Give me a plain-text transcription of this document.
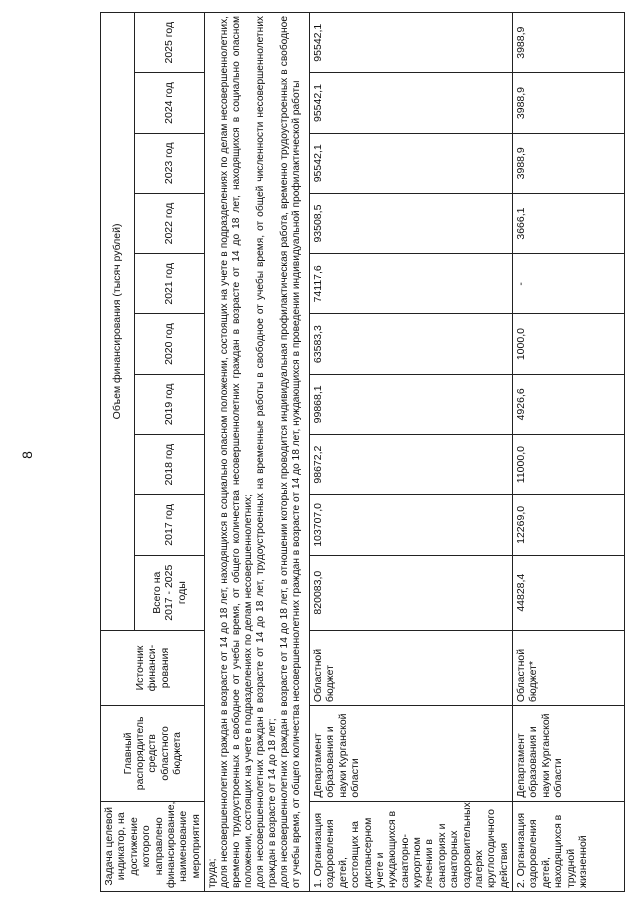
8
Задача целевой индикатор, на достижение которого направлено финансирование, наименование мероприятия	Главный распорядитель средств областного бюджета	Источник финанси-рования	Объем финансирования (тысяч рублей)									
			Всего на 2017 - 2025 годы	2017 год	2018 год	2019 год	2020 год	2021 год	2022 год	2023 год	2024 год	2025 год
труда;
доля несовершеннолетних граждан в возрасте от 14 до 18 лет, находящихся в социально опасном положении, состоящих на учете в подразделениях по делам несовершеннолетних, временно трудоустроенных в свободное от учебы время, от общего количества несовершеннолетних граждан в возрасте от 14 до 18 лет, находящихся в социально опасном положении, состоящих на учете в подразделениях по делам несовершеннолетних;
доля несовершеннолетних граждан в возрасте от 14 до 18 лет, трудоустроенных на временные работы в свободное от учебы время, от общей численности несовершеннолетних граждан в возрасте от 14 до 18 лет;
доля несовершеннолетних граждан в возрасте от 14 до 18 лет, в отношении которых проводится индивидуальная профилактическая работа, временно трудоустроенных в свободное от учебы время, от общего количества несовершеннолетних граждан в возрасте от 14 до 18 лет, нуждающихся в проведении индивидуальной профилактической работы												
1. Организация оздоровления детей, состоящих на диспансерном учете и нуждающихся в санаторно-курортном лечении в санаториях и санаторных оздоровительных лагерях круглогодичного действия	Департамент образования и науки Курганской области	Областной бюджет	820083,0	103707,0	98672,2	99868,1	63583,3	74117,6	93508,5	95542,1	95542,1	95542,1
2. Организация оздоровления детей, находящихся в трудной жизненной	Департамент образования и науки Курганской области	Областной бюджет*	44828,4	12269,0	11000,0	4926,6	1000,0	-	3666,1	3988,9	3988,9	3988,9
